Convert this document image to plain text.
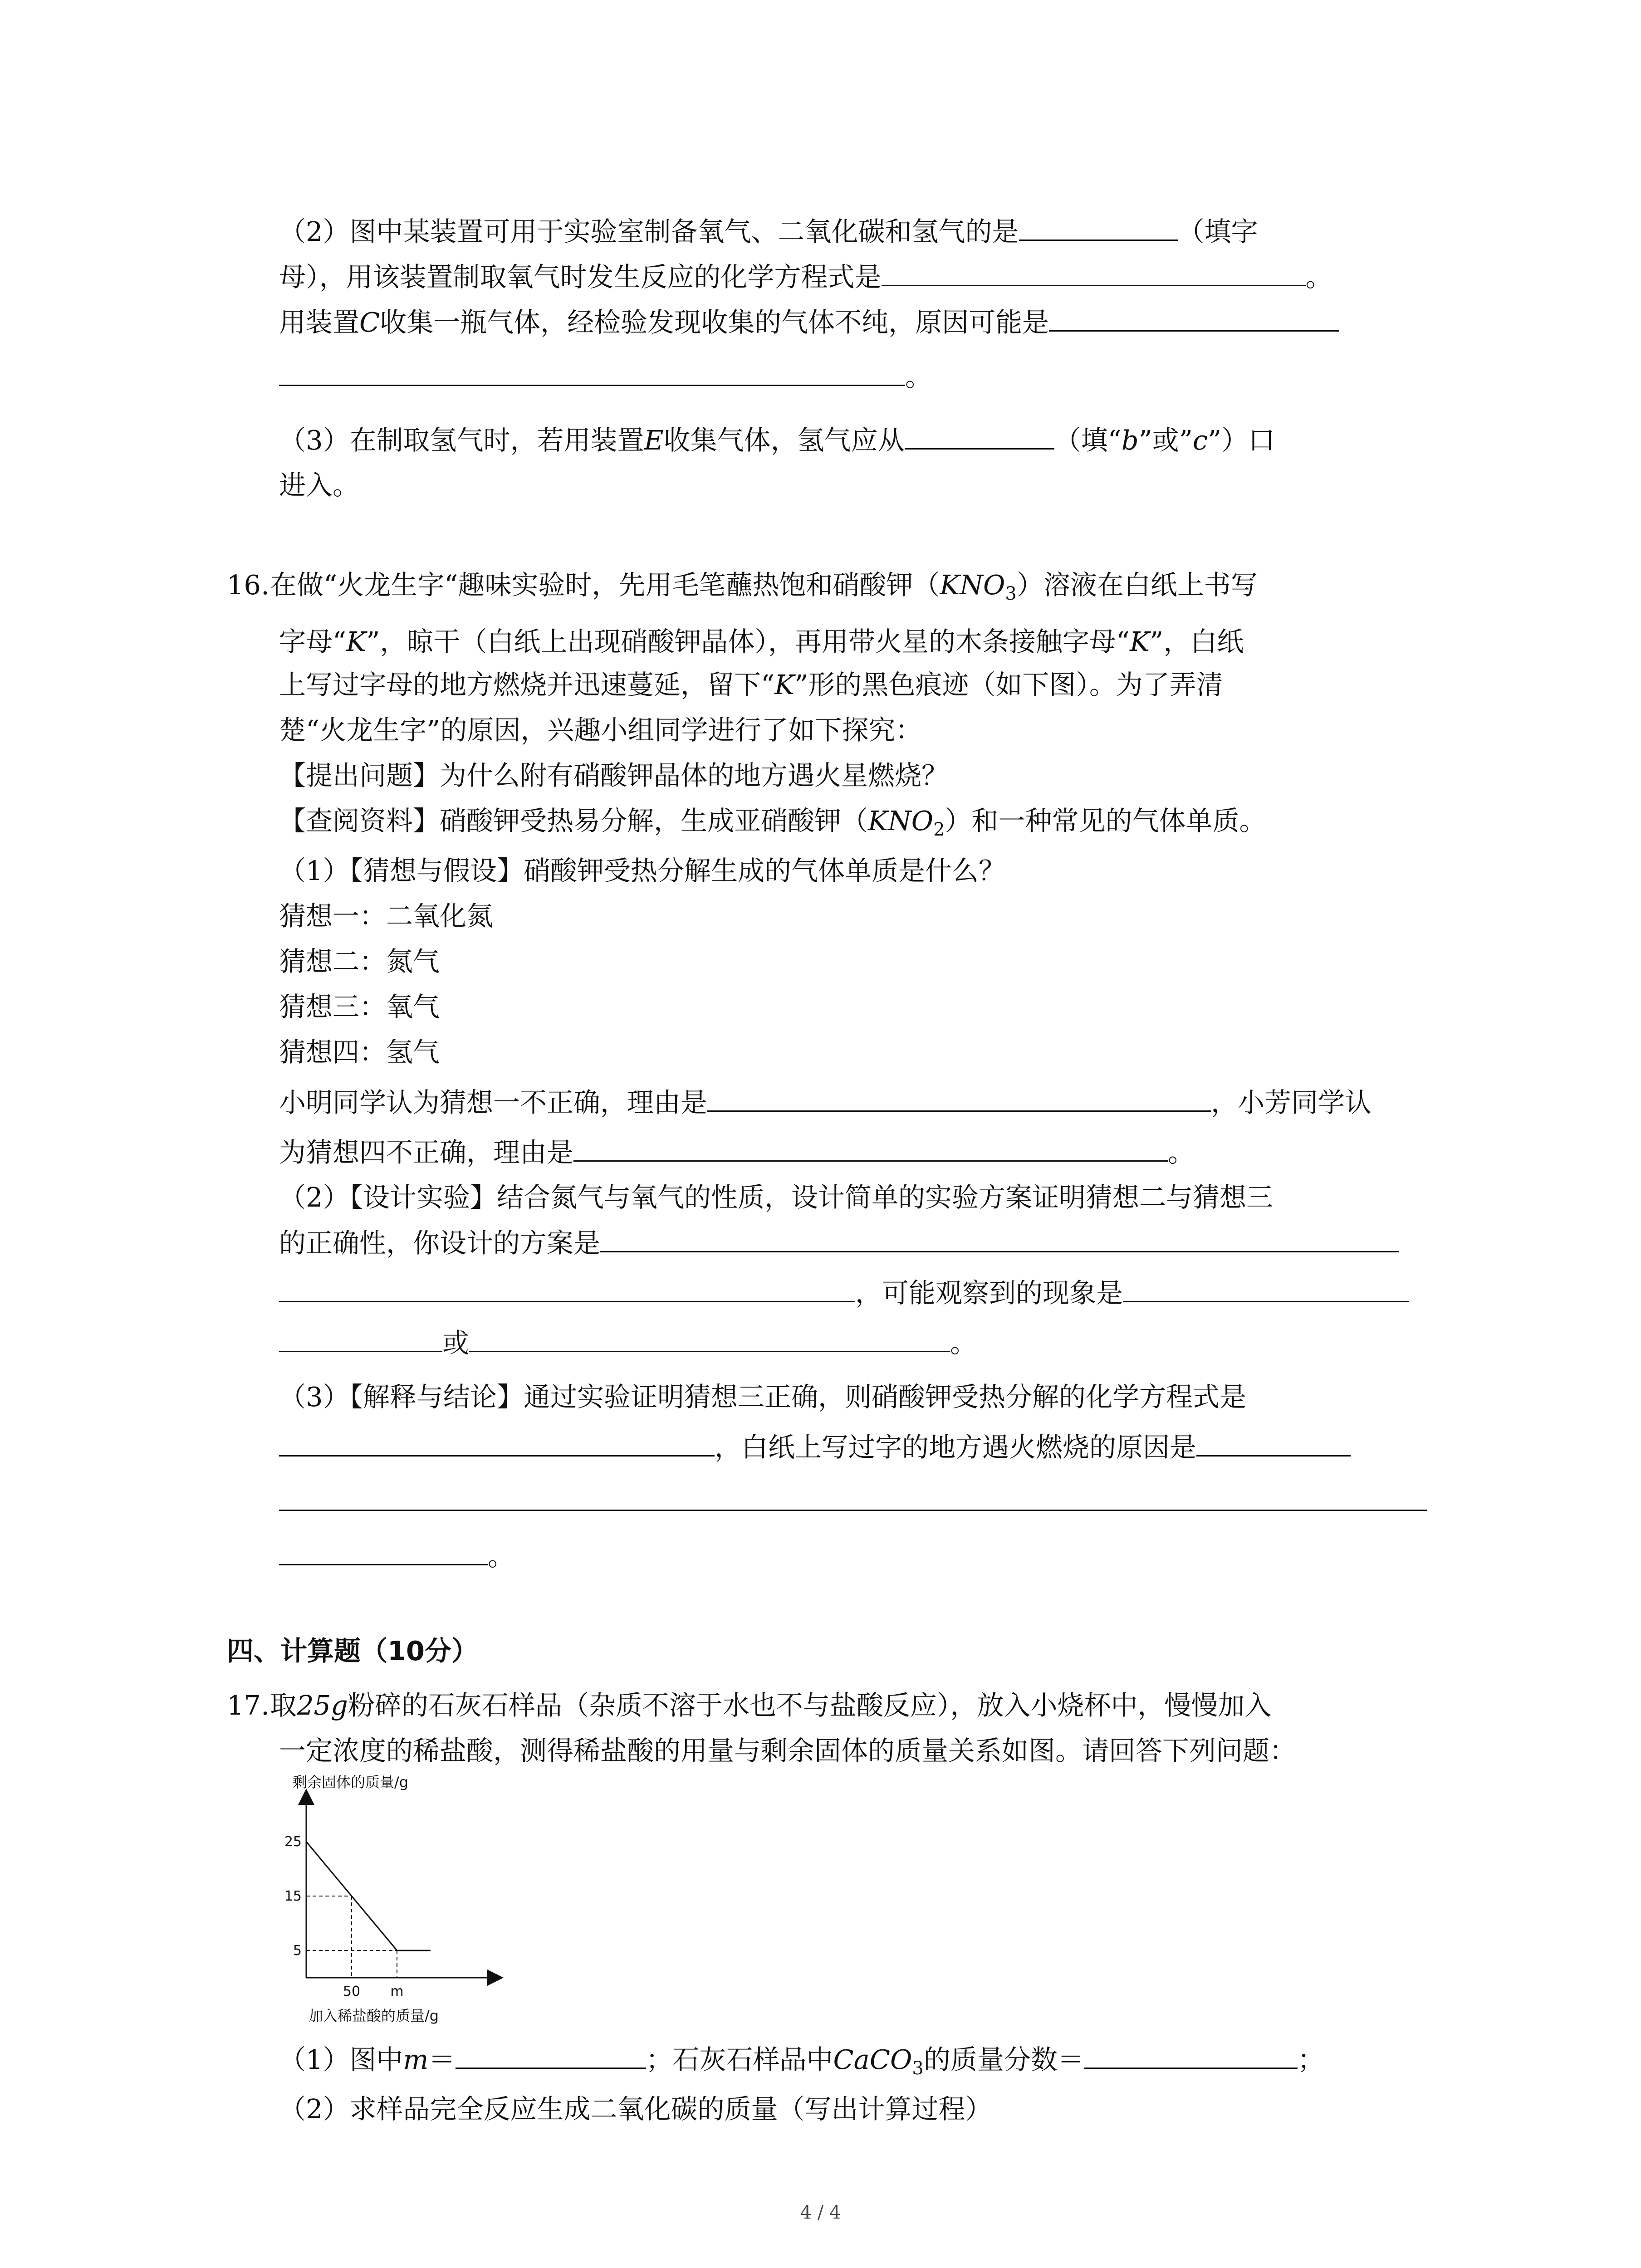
（2）图中某装置可用于实验室制备氧气、二氧化碳和氢气的是	（填字
母），用该装置制取氧气时发生反应的化学方程式是	。
用装置C收集一瓶气体，经检验发现收集的气体不纯，原因可能是
。
（3）在制取氢气时，若用装置E收集气体，氢气应从	（填“b”或”c”）口
进入。
16.在做“火龙生字“趣味实验时，先用毛笔蘸热饱和硝酸钾$(KNO_3)$溶液在白纸上书写
字母“K”，晾干（白纸上出现硝酸钾晶体），再用带火星的木条接触字母“K”，白纸
上写过字母的地方燃烧并迅速蔓延，留下“K”形的黑色痕迹（如下图）。为了弄清
楚“火龙生字”的原因，兴趣小组同学进行了如下探究：
【提出问题】为什么附有硝酸钾晶体的地方遇火星燃烧？
【查阅资料】硝酸钾受热易分解，生成亚硝酸钾$(KNO_2)$和一种常见的气体单质。
（1）【猜想与假设】硝酸钾受热分解生成的气体单质是什么？
猜想一：二氧化氮
猜想二：氮气
猜想三：氧气
猜想四：氢气
小明同学认为猜想一不正确，理由是	，小芳同学认
为猜想四不正确，理由是	。
（2）【设计实验】结合氮气与氧气的性质，设计简单的实验方案证明猜想二与猜想三
的正确性，你设计的方案是
，可能观察到的现象是
或	。
（3）【解释与结论】通过实验证明猜想三正确，则硝酸钾受热分解的化学方程式是
，白纸上写过字的地方遇火燃烧的原因是
。
四、计算题（10分）
17.取25g粉碎的石灰石样品（杂质不溶于水也不与盐酸反应），放入小烧杯中，慢慢加入
一定浓度的稀盐酸，测得稀盐酸的用量与剩余固体的质量关系如图。请回答下列问题：
剩余固体的质量/g
25
15
5
50 m
加入稀盐酸的质量/g
（1）图中m＝	；石灰石样品中CaCO$_3$的质量分数＝	；
（2）求样品完全反应生成二氧化碳的质量（写出计算过程）
4 / 4
